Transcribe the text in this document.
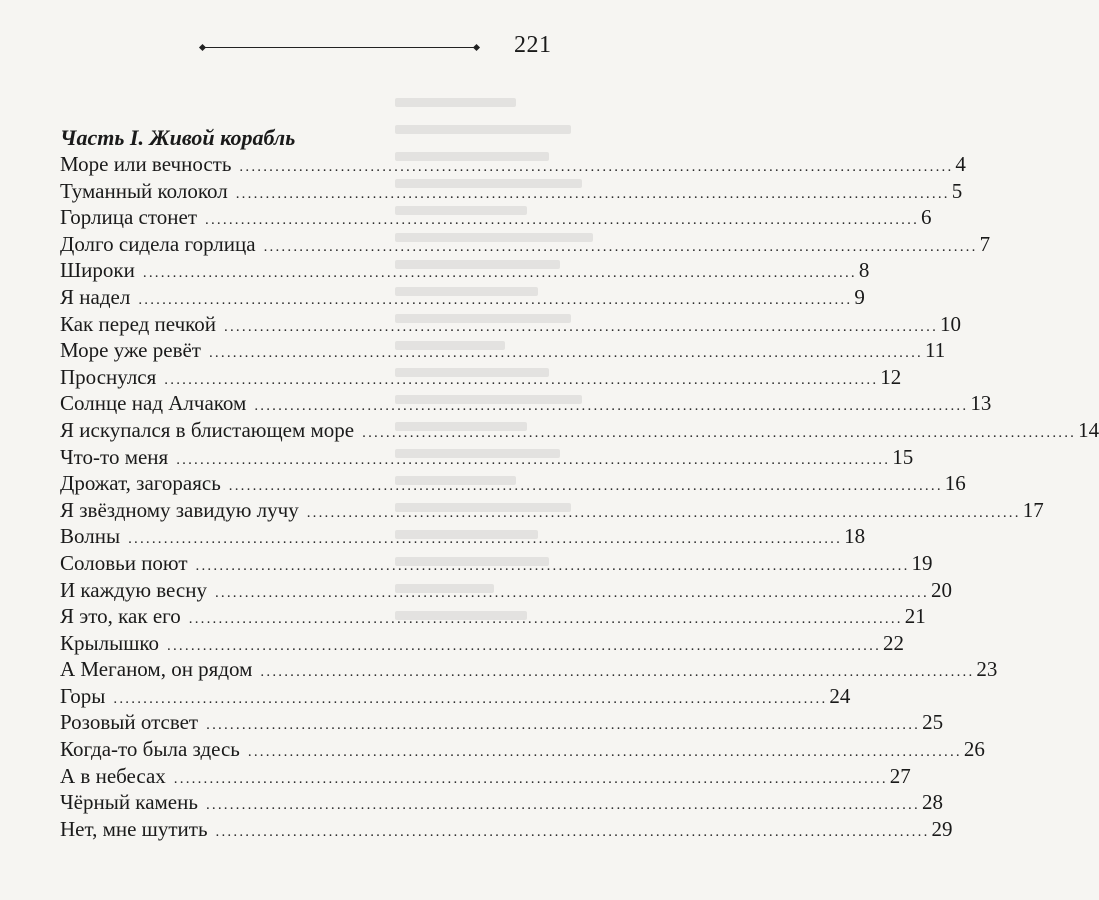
221
Часть I. Живой корабль
Море или вечность ........................................................................................................................ 4
Туманный колокол ........................................................................................................................ 5
Горлица стонет ........................................................................................................................ 6
Долго сидела горлица ........................................................................................................................ 7
Широки ........................................................................................................................ 8
Я надел ........................................................................................................................ 9
Как перед печкой ........................................................................................................................ 10
Море уже ревёт ........................................................................................................................ 11
Проснулся ........................................................................................................................ 12
Солнце над Алчаком ........................................................................................................................ 13
Я искупался в блистающем море ........................................................................................................................ 14
Что-то меня ........................................................................................................................ 15
Дрожат, загораясь ........................................................................................................................ 16
Я звёздному завидую лучу ........................................................................................................................ 17
Волны ........................................................................................................................ 18
Соловьи поют ........................................................................................................................ 19
И каждую весну ........................................................................................................................ 20
Я это, как его ........................................................................................................................ 21
Крылышко ........................................................................................................................ 22
А Меганом, он рядом ........................................................................................................................ 23
Горы ........................................................................................................................ 24
Розовый отсвет ........................................................................................................................ 25
Когда-то была здесь ........................................................................................................................ 26
А в небесах ........................................................................................................................ 27
Чёрный камень ........................................................................................................................ 28
Нет, мне шутить ........................................................................................................................ 29
